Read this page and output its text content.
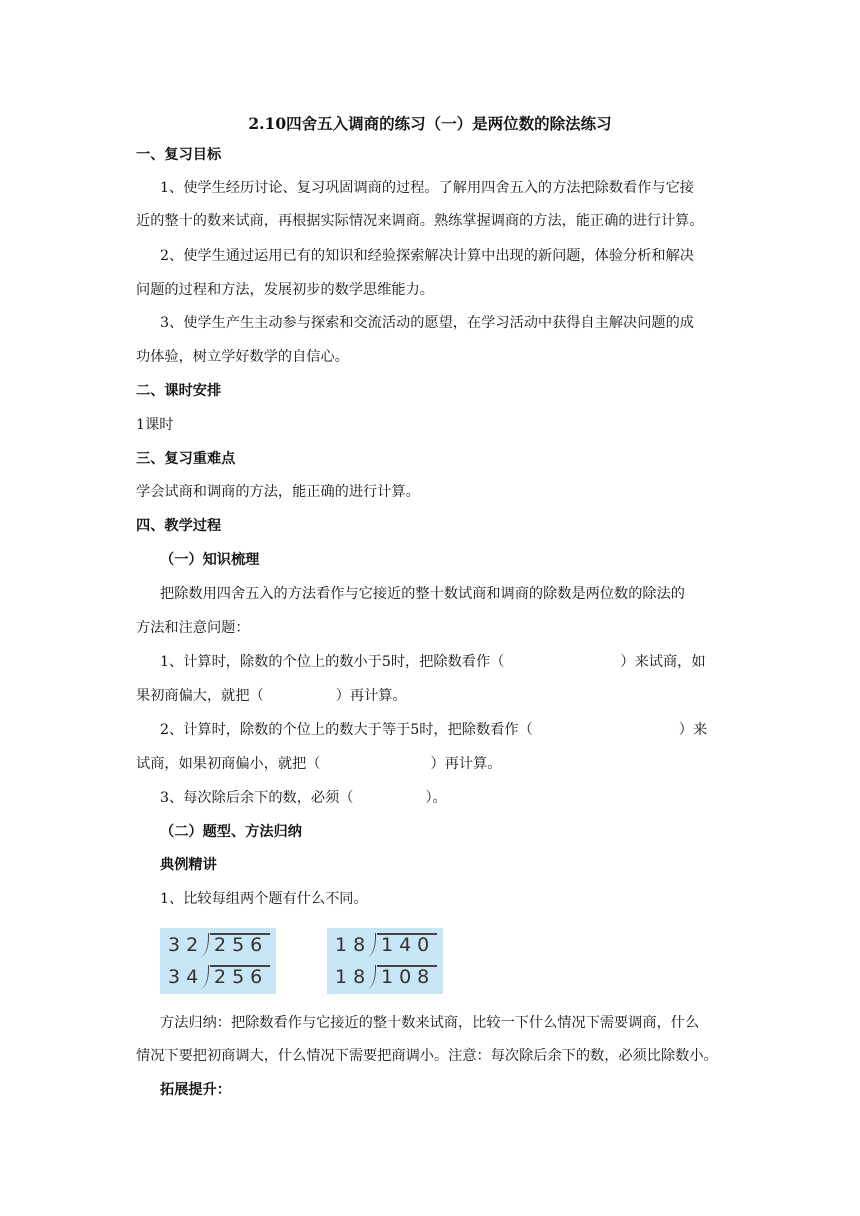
2.10四舍五入调商的练习（一）是两位数的除法练习
一、复习目标
1、使学生经历讨论、复习巩固调商的过程。了解用四舍五入的方法把除数看作与它接
近的整十的数来试商，再根据实际情况来调商。熟练掌握调商的方法，能正确的进行计算。
2、使学生通过运用已有的知识和经验探索解决计算中出现的新问题，体验分析和解决
问题的过程和方法，发展初步的数学思维能力。
3、使学生产生主动参与探索和交流活动的愿望，在学习活动中获得自主解决问题的成
功体验，树立学好数学的自信心。
二、课时安排
1课时
三、复习重难点
学会试商和调商的方法，能正确的进行计算。
四、教学过程
（一）知识梳理
把除数用四舍五入的方法看作与它接近的整十数试商和调商的除数是两位数的除法的
方法和注意问题：
1、计算时，除数的个位上的数小于5时，把除数看作（	）来试商，如
果初商偏大，就把（	）再计算。
2、计算时，除数的个位上的数大于等于5时，把除数看作（	）来
试商，如果初商偏小，就把（	）再计算。
3、每次除后余下的数，必须（	）。
（二）题型、方法归纳
典例精讲
1、比较每组两个题有什么不同。
32 256
34 256
18 140
18 108
方法归纳：把除数看作与它接近的整十数来试商，比较一下什么情况下需要调商，什么
情况下要把初商调大，什么情况下需要把商调小。注意：每次除后余下的数，必须比除数小。
拓展提升：
